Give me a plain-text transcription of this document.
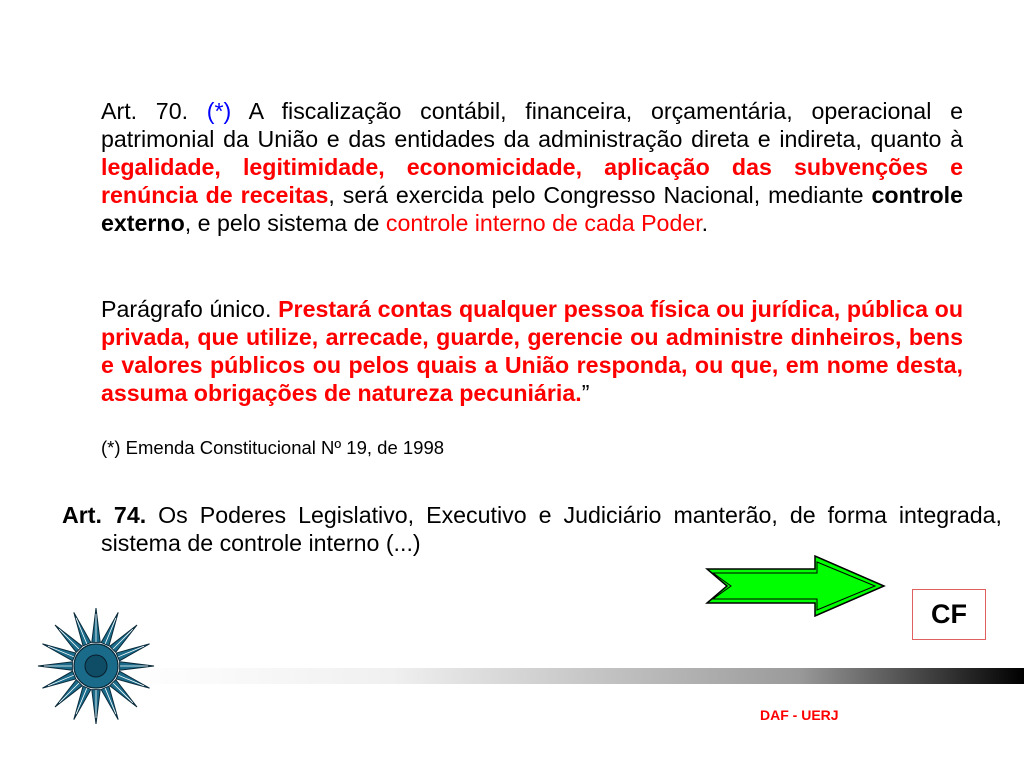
Art. 70. (*) A fiscalização contábil, financeira, orçamentária, operacional e patrimonial da União e das entidades da administração direta e indireta, quanto à legalidade, legitimidade, economicidade, aplicação das subvenções e renúncia de receitas, será exercida pelo Congresso Nacional, mediante controle externo, e pelo sistema de controle interno de cada Poder.

Parágrafo único. Prestará contas qualquer pessoa física ou jurídica, pública ou privada, que utilize, arrecade, guarde, gerencie ou administre dinheiros, bens e valores públicos ou pelos quais a União responda, ou que, em nome desta, assuma obrigações de natureza pecuniária.”

(*) Emenda Constitucional Nº 19, de 1998

Art. 74. Os Poderes Legislativo, Executivo e Judiciário manterão, de forma integrada, sistema de controle interno (...)

CF
DAF - UERJ
